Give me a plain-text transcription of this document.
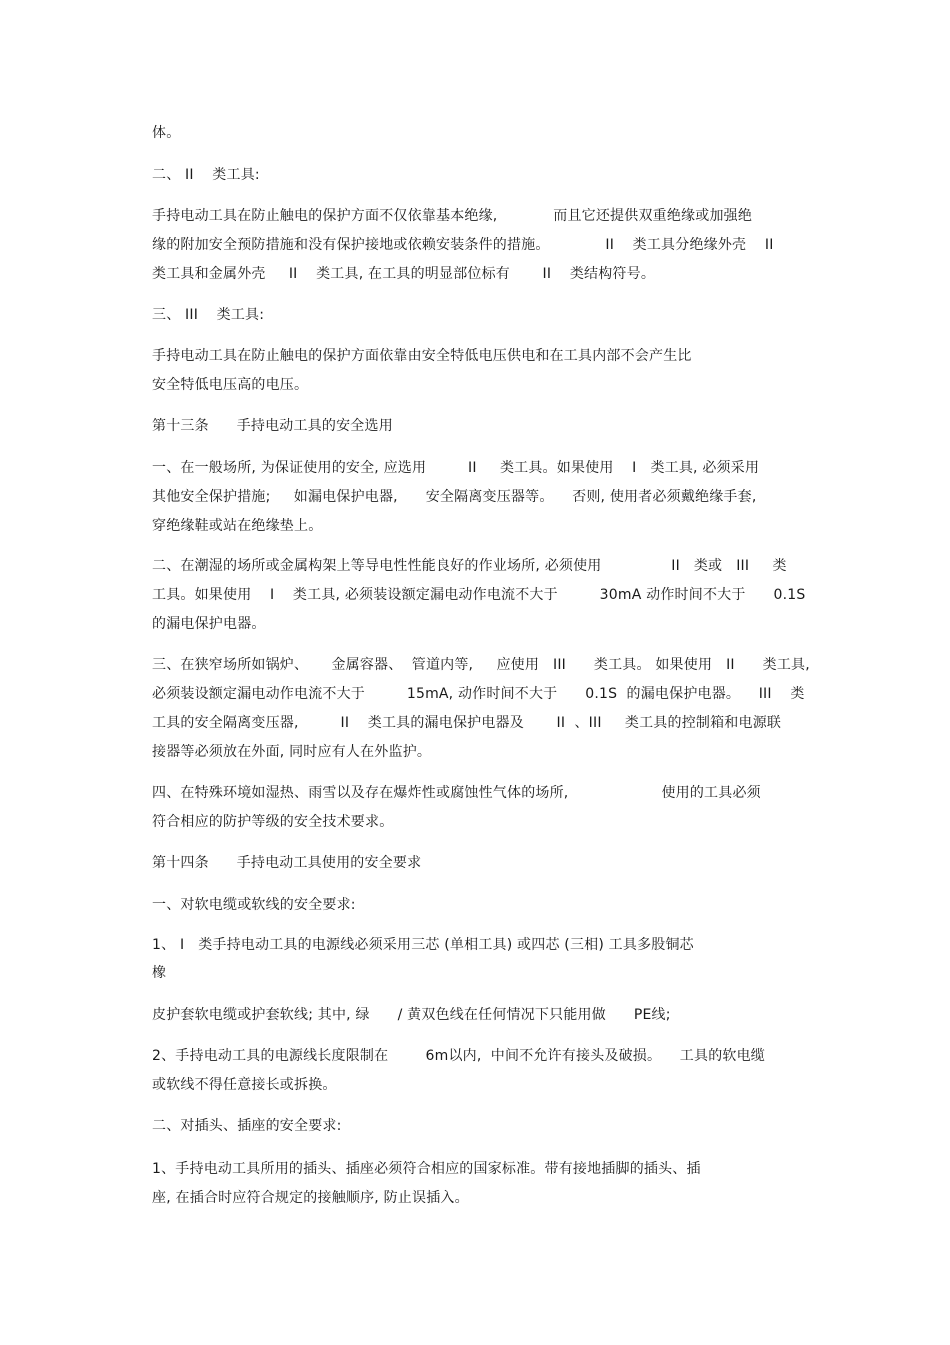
体。
二、 II    类工具:
手持电动工具在防止触电的保护方面不仅依靠基本绝缘,            而且它还提供双重绝缘或加强绝
缘的附加安全预防措施和没有保护接地或依赖安装条件的措施。            II    类工具分绝缘外壳    II
类工具和金属外壳     II    类工具, 在工具的明显部位标有       II    类结构符号。
三、 III    类工具:
手持电动工具在防止触电的保护方面依靠由安全特低电压供电和在工具内部不会产生比
安全特低电压高的电压。
第十三条      手持电动工具的安全选用
一、在一般场所, 为保证使用的安全, 应选用         II     类工具。如果使用    I   类工具, 必须采用
其他安全保护措施;     如漏电保护电器,      安全隔离变压器等。    否则, 使用者必须戴绝缘手套,
穿绝缘鞋或站在绝缘垫上。
二、在潮湿的场所或金属构架上等导电性性能良好的作业场所, 必须使用               II   类或   III     类
工具。如果使用    I    类工具, 必须装设额定漏电动作电流不大于         30mA 动作时间不大于      0.1S
的漏电保护电器。
三、在狭窄场所如锅炉、     金属容器、  管道内等,     应使用   III      类工具。 如果使用   II      类工具,
必须装设额定漏电动作电流不大于         15mA, 动作时间不大于      0.1S  的漏电保护电器。    III    类
工具的安全隔离变压器,         II    类工具的漏电保护电器及       II  、III     类工具的控制箱和电源联
接器等必须放在外面, 同时应有人在外监护。
四、在特殊环境如湿热、雨雪以及存在爆炸性或腐蚀性气体的场所,                    使用的工具必须
符合相应的防护等级的安全技术要求。
第十四条      手持电动工具使用的安全要求
一、对软电缆或软线的安全要求:
1、 I   类手持电动工具的电源线必须采用三芯 (单相工具) 或四芯 (三相) 工具多股铜芯
橡
皮护套软电缆或护套软线; 其中, 绿      / 黄双色线在任何情况下只能用做      PE线;
2、手持电动工具的电源线长度限制在        6m以内,  中间不允许有接头及破损。    工具的软电缆
或软线不得任意接长或拆换。
二、对插头、插座的安全要求:
1、手持电动工具所用的插头、插座必须符合相应的国家标准。带有接地插脚的插头、插
座, 在插合时应符合规定的接触顺序, 防止误插入。
